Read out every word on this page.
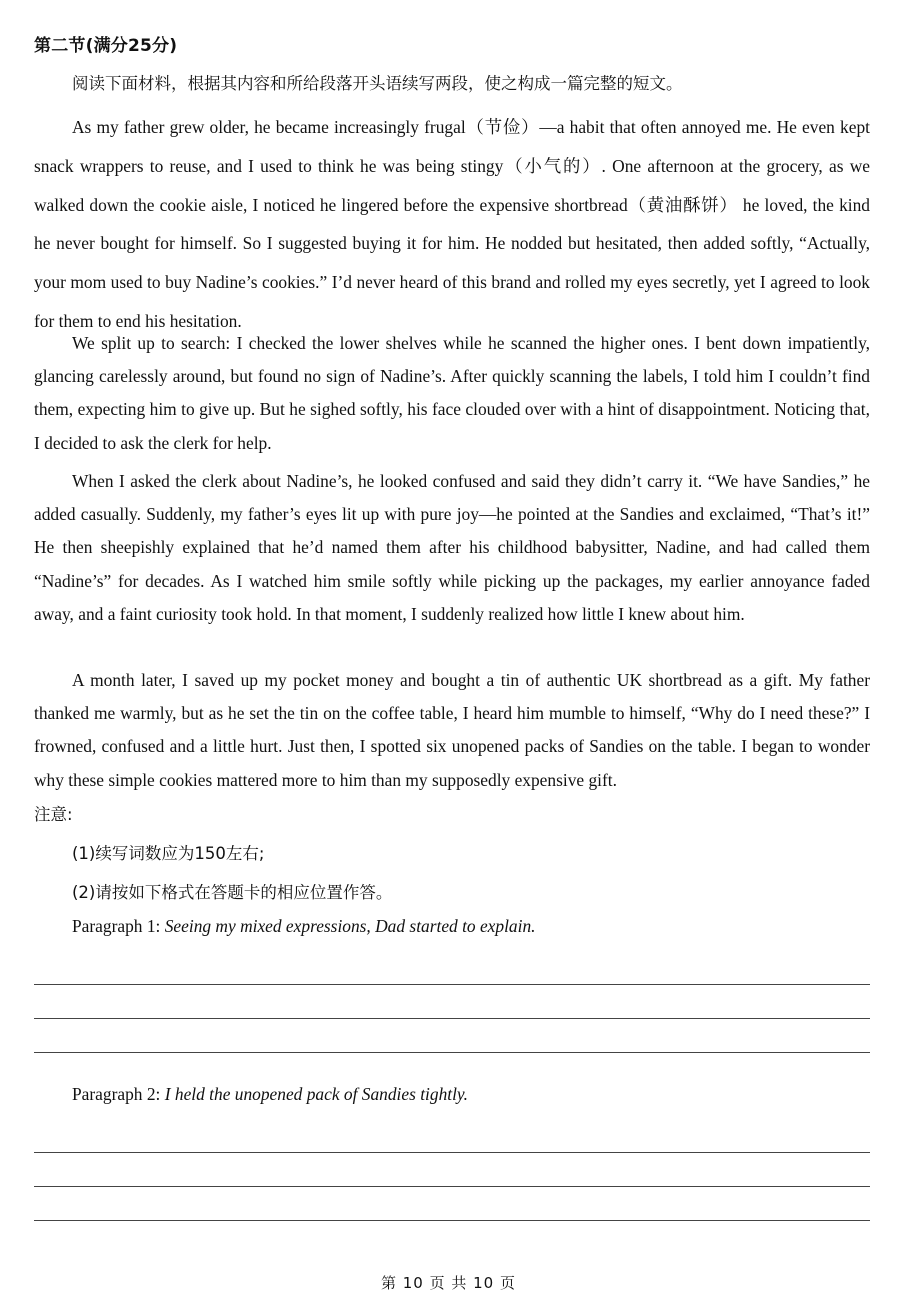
第二节(满分25分)
阅读下面材料，根据其内容和所给段落开头语续写两段，使之构成一篇完整的短文。

As my father grew older, he became increasingly frugal（节俭）—a habit that often annoyed me. He even kept snack wrappers to reuse, and I used to think he was being stingy（小气的）. One afternoon at the grocery, as we walked down the cookie aisle, I noticed he lingered before the expensive shortbread（黄油酥饼） he loved, the kind he never bought for himself. So I suggested buying it for him. He nodded but hesitated, then added softly, “Actually, your mom used to buy Nadine’s cookies.” I’d never heard of this brand and rolled my eyes secretly, yet I agreed to look for them to end his hesitation.

We split up to search: I checked the lower shelves while he scanned the higher ones. I bent down impatiently, glancing carelessly around, but found no sign of Nadine’s. After quickly scanning the labels, I told him I couldn’t find them, expecting him to give up. But he sighed softly, his face clouded over with a hint of disappointment. Noticing that, I decided to ask the clerk for help.

When I asked the clerk about Nadine’s, he looked confused and said they didn’t carry it. “We have Sandies,” he added casually. Suddenly, my father’s eyes lit up with pure joy—he pointed at the Sandies and exclaimed, “That’s it!” He then sheepishly explained that he’d named them after his childhood babysitter, Nadine, and had called them “Nadine’s” for decades. As I watched him smile softly while picking up the packages, my earlier annoyance faded away, and a faint curiosity took hold. In that moment, I suddenly realized how little I knew about him.

A month later, I saved up my pocket money and bought a tin of authentic UK shortbread as a gift. My father thanked me warmly, but as he set the tin on the coffee table, I heard him mumble to himself, “Why do I need these?” I frowned, confused and a little hurt. Just then, I spotted six unopened packs of Sandies on the table. I began to wonder why these simple cookies mattered more to him than my supposedly expensive gift.

注意:
(1)续写词数应为150左右;
(2)请按如下格式在答题卡的相应位置作答。
Paragraph 1: Seeing my mixed expressions, Dad started to explain.
Paragraph 2: I held the unopened pack of Sandies tightly.
第 10 页 共 10 页
